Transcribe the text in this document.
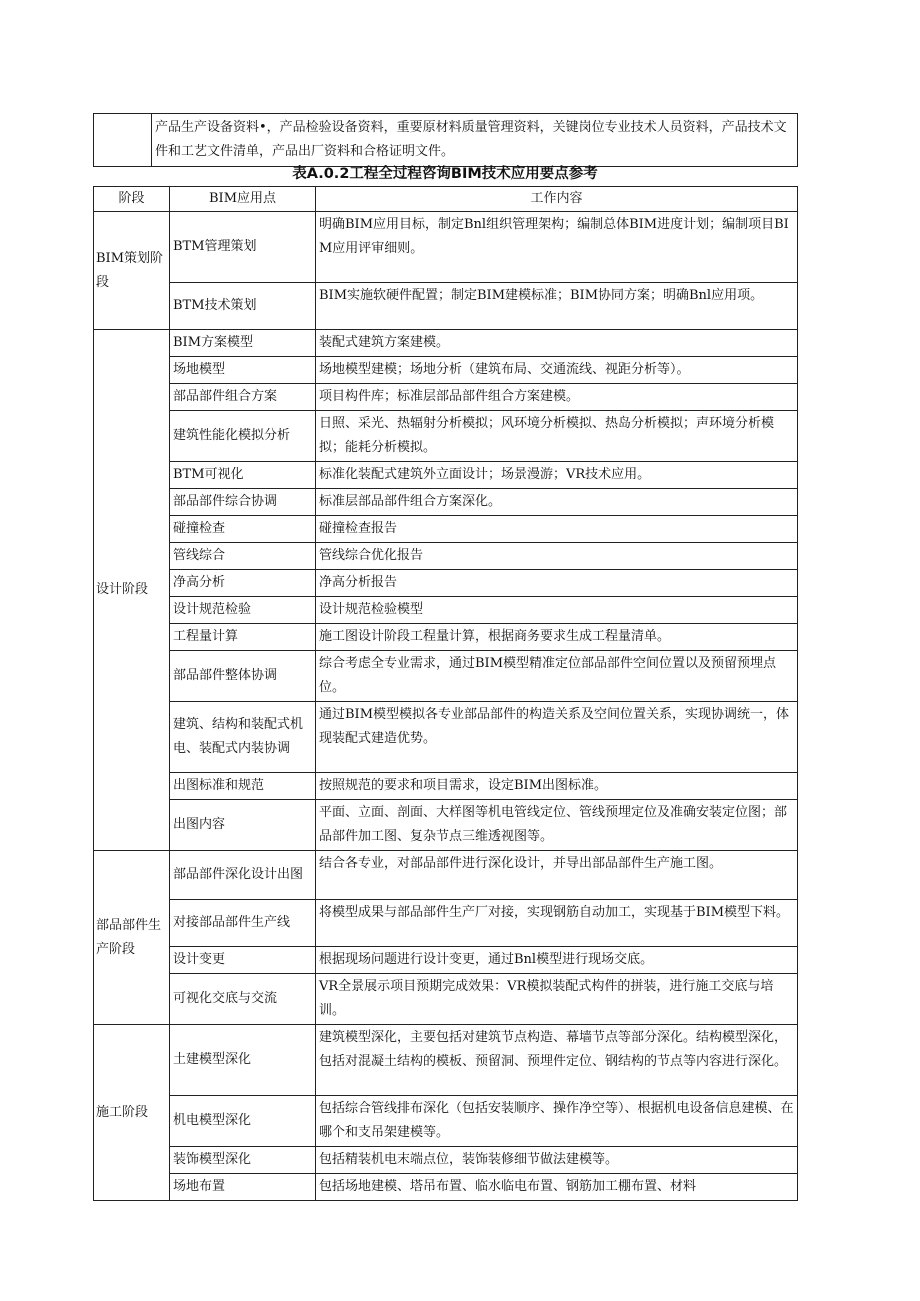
	产品生产设备资料•，产品检验设备资料，重要原材料质量管理资料，关键岗位专业技术人员资料，产品技术文件和工艺文件清单，产品出厂资料和合格证明文件。
表A.0.2工程全过程咨询BIM技术应用要点参考
阶段	BIM应用点	工作内容
BIM策划阶段	BTM管理策划	明确BIM应用目标，制定Bnl组织管理架构；编制总体BIM进度计划；编制项目BIM应用评审细则。
	BTM技术策划	BIM实施软硬件配置；制定BIM建模标准；BIM协同方案；明确Bnl应用项。
设计阶段	BIM方案模型	装配式建筑方案建模。
	场地模型	场地模型建模；场地分析（建筑布局、交通流线、视距分析等）。
	部品部件组合方案	项目构件库；标准层部品部件组合方案建模。
	建筑性能化模拟分析	日照、采光、热辐射分析模拟；风环境分析模拟、热岛分析模拟；声环境分析模拟；能耗分析模拟。
	BTM可视化	标准化装配式建筑外立面设计；场景漫游；VR技术应用。
	部品部件综合协调	标准层部品部件组合方案深化。
	碰撞检查	碰撞检查报告
	管线综合	管线综合优化报告
	净高分析	净高分析报告
	设计规范检验	设计规范检验模型
	工程量计算	施工图设计阶段工程量计算，根据商务要求生成工程量清单。
	部品部件整体协调	综合考虑全专业需求，通过BIM模型精准定位部品部件空间位置以及预留预埋点位。
	建筑、结构和装配式机电、装配式内装协调	通过BIM模型模拟各专业部品部件的构造关系及空间位置关系，实现协调统一，体现装配式建造优势。
	出图标准和规范	按照规范的要求和项目需求，设定BIM出图标准。
	出图内容	平面、立面、剖面、大样图等机电管线定位、管线预埋定位及准确安装定位图；部品部件加工图、复杂节点三维透视图等。
部品部件生产阶段	部品部件深化设计出图	结合各专业，对部品部件进行深化设计，并导出部品部件生产施工图。
	对接部品部件生产线	将模型成果与部品部件生产厂对接，实现钢筋自动加工，实现基于BIM模型下料。
	设计变更	根据现场问题进行设计变更，通过Bnl模型进行现场交底。
	可视化交底与交流	VR全景展示项目预期完成效果：VR模拟装配式构件的拼装，进行施工交底与培训。
施工阶段	土建模型深化	建筑模型深化，主要包括对建筑节点构造、幕墙节点等部分深化。结构模型深化，包括对混凝土结构的模板、预留洞、预埋件定位、钢结构的节点等内容进行深化。
	机电模型深化	包括综合管线排布深化（包括安装顺序、操作净空等）、根据机电设备信息建模、在哪个和支吊架建模等。
	装饰模型深化	包括精装机电末端点位，装饰装修细节做法建模等。
	场地布置	包括场地建模、塔吊布置、临水临电布置、钢筋加工棚布置、材料
